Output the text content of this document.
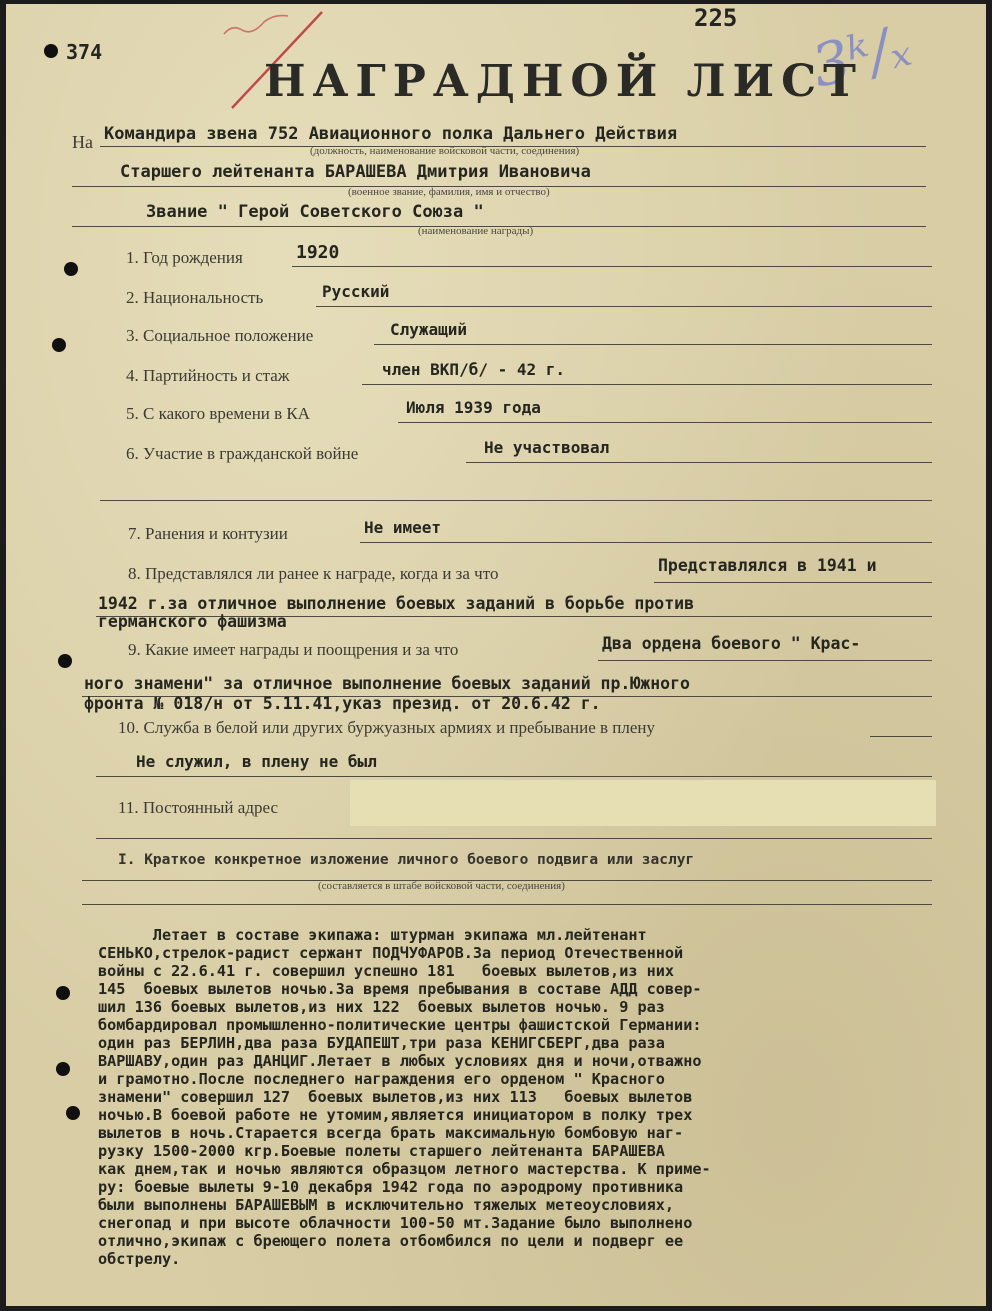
374
225 3ᵏ/ₓ
НАГРАДНОЙ ЛИСТ
На Командира звена 752 Авиационного полка Дальнего Действия
(должность, наименование войсковой части, соединения)
Старшего лейтенанта БАРАШЕВА Дмитрия Ивановича
(военное звание, фамилия, имя и отчество)
Звание " Герой Советского Союза "
(наименование награды)
1. Год рождения	1920
2. Национальность	Русский
3. Социальное положение	Служащий
4. Партийность и стаж	член ВКП/б/ - 42 г.
5. С какого времени в КА	Июля 1939 года
6. Участие в гражданской войне	Не участвовал
7. Ранения и контузии	Не имеет
8. Представлялся ли ранее к награде, когда и за что	Представлялся в 1941 и
1942 г.за отличное выполнение боевых заданий в борьбе против
германского фашизма
9. Какие имеет награды и поощрения и за что	Два ордена боевого " Крас-
ного знамени" за отличное выполнение боевых заданий пр.Южного
фронта № 018/н от 5.11.41,указ презид. от 20.6.42 г.
10. Служба в белой или других буржуазных армиях и пребывание в плену
Не служил, в плену не был
11. Постоянный адрес
I. Краткое конкретное изложение личного боевого подвига или заслуг
(составляется в штабе войсковой части, соединения)
Летает в составе экипажа: штурман экипажа мл.лейтенант
СЕНЬКО,стрелок-радист сержант ПОДЧУФАРОВ.За период Отечественной
войны с 22.6.41 г. совершил успешно 181   боевых вылетов,из них
145  боевых вылетов ночью.За время пребывания в составе АДД совер-
шил 136 боевых вылетов,из них 122  боевых вылетов ночью. 9 раз
бомбардировал промышленно-политические центры фашистской Германии:
один раз БЕРЛИН,два раза БУДАПЕШТ,три раза КЕНИГСБЕРГ,два раза
ВАРШАВУ,один раз ДАНЦИГ.Летает в любых условиях дня и ночи,отважно
и грамотно.После последнего награждения его орденом " Красного
знамени" совершил 127  боевых вылетов,из них 113   боевых вылетов
ночью.В боевой работе не утомим,является инициатором в полку трех
вылетов в ночь.Старается всегда брать максимальную бомбовую наг-
рузку 1500-2000 кгр.Боевые полеты старшего лейтенанта БАРАШЕВА
как днем,так и ночью являются образцом летного мастерства. К приме-
ру: боевые вылеты 9-10 декабря 1942 года по аэродрому противника
были выполнены БАРАШЕВЫМ в исключительно тяжелых метеоусловиях,
снегопад и при высоте облачности 100-50 мт.Задание было выполнено
отлично,экипаж с бреющего полета отбомбился по цели и подверг ее
обстрелу.
